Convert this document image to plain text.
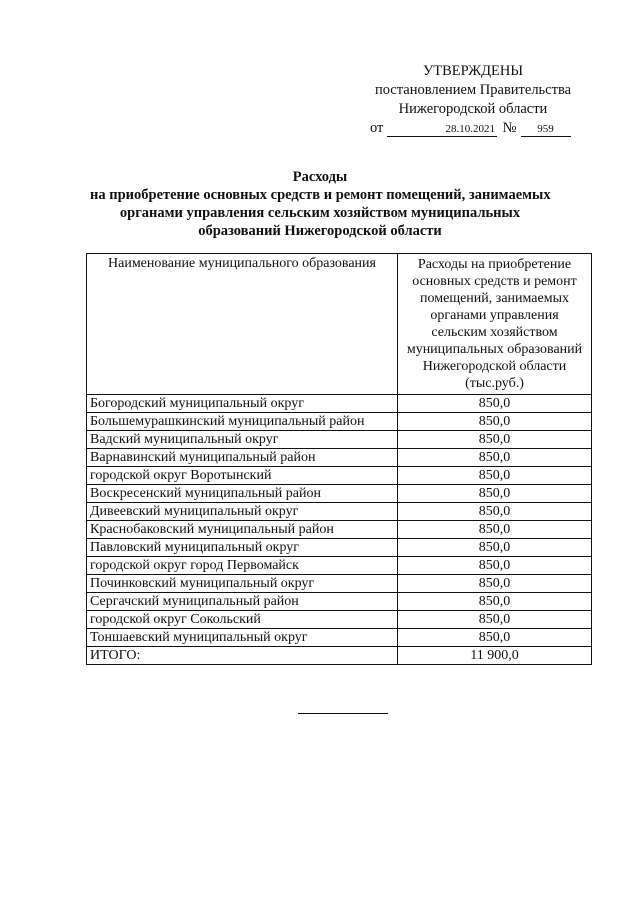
УТВЕРЖДЕНЫ
постановлением Правительства
Нижегородской области
от	28.10.2021 № 959
Расходы
на приобретение основных средств и ремонт помещений, занимаемых
органами управления сельским хозяйством муниципальных
образований Нижегородской области
Наименование муниципального образования	Расходы на приобретение основных средств и ремонт помещений, занимаемых органами управления сельским хозяйством муниципальных образований Нижегородской области (тыс.руб.)
Богородский муниципальный округ	850,0
Большемурашкинский муниципальный район	850,0
Вадский муниципальный округ	850,0
Варнавинский муниципальный район	850,0
городской округ Воротынский	850,0
Воскресенский муниципальный район	850,0
Дивеевский муниципальный округ	850,0
Краснобаковский муниципальный район	850,0
Павловский муниципальный округ	850,0
городской округ город Первомайск	850,0
Починковский муниципальный округ	850,0
Сергачский муниципальный район	850,0
городской округ Сокольский	850,0
Тоншаевский муниципальный округ	850,0
ИТОГО:	11 900,0
